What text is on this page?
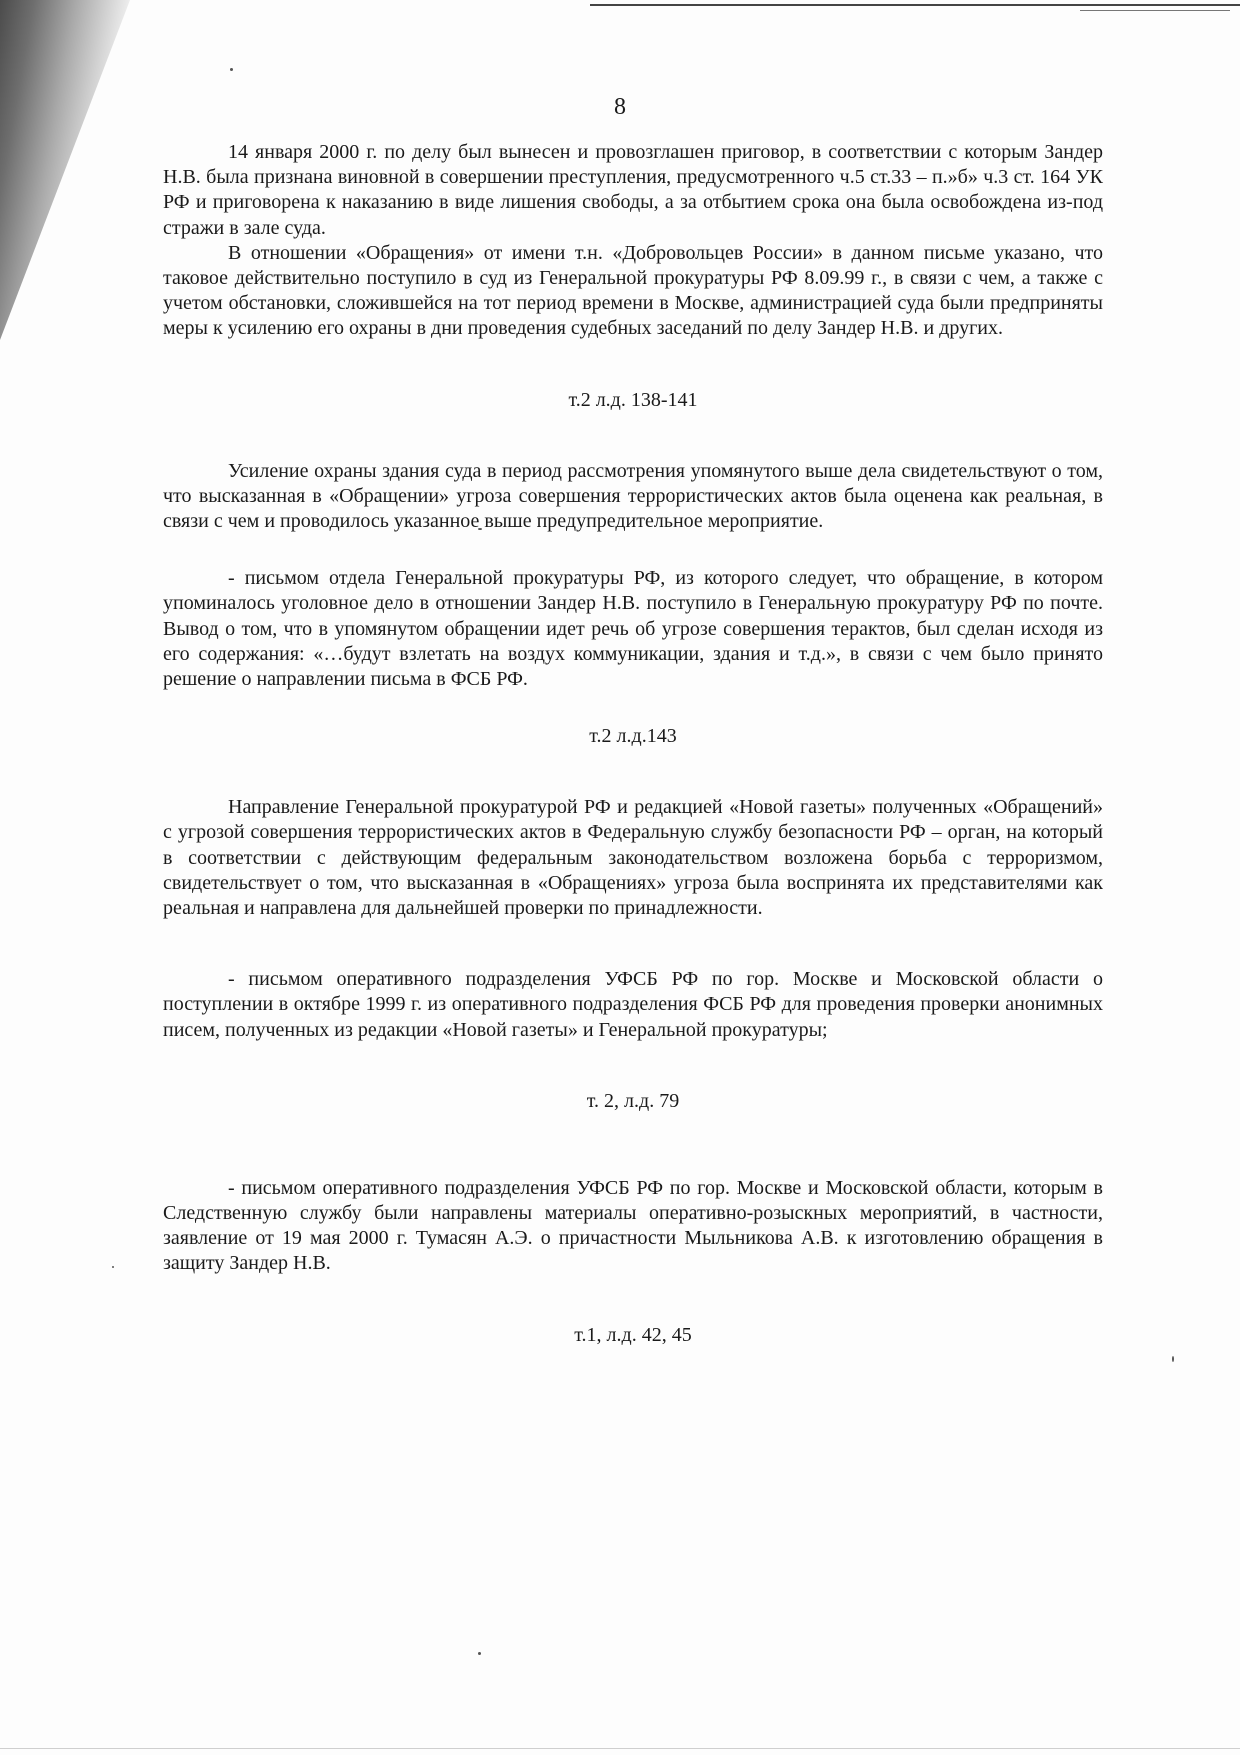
8

14 января 2000 г. по делу был вынесен и провозглашен приговор, в соответствии с которым Зандер Н.В. была признана виновной в совершении преступления, предусмотренного ч.5 ст.33 – п.»б» ч.3 ст. 164 УК РФ и приговорена к наказанию в виде лишения свободы, а за отбытием срока она была освобождена из-под стражи в зале суда.

В отношении «Обращения» от имени т.н. «Добровольцев России» в данном письме указано, что таковое действительно поступило в суд из Генеральной прокуратуры РФ 8.09.99 г., в связи с чем, а также с учетом обстановки, сложившейся на тот период времени в Москве, администрацией суда были предприняты меры к усилению его охраны в дни проведения судебных заседаний по делу Зандер Н.В. и других.

т.2 л.д. 138-141

Усиление охраны здания суда в период рассмотрения упомянутого выше дела свидетельствуют о том, что высказанная в «Обращении» угроза совершения террористических актов была оценена как реальная, в связи с чем и проводилось указанное выше предупредительное мероприятие.

- письмом отдела Генеральной прокуратуры РФ, из которого следует, что обращение, в котором упоминалось уголовное дело в отношении Зандер Н.В. поступило в Генеральную прокуратуру РФ по почте. Вывод о том, что в упомянутом обращении идет речь об угрозе совершения терактов, был сделан исходя из его содержания: «…будут взлетать на воздух коммуникации, здания и т.д.», в связи с чем было принято решение о направлении письма в ФСБ РФ.

т.2 л.д.143

Направление Генеральной прокуратурой РФ и редакцией «Новой газеты» полученных «Обращений» с угрозой совершения террористических актов в Федеральную службу безопасности РФ – орган, на который в соответствии с действующим федеральным законодательством возложена борьба с терроризмом, свидетельствует о том, что высказанная в «Обращениях» угроза была воспринята их представителями как реальная и направлена для дальнейшей проверки по принадлежности.

- письмом оперативного подразделения УФСБ РФ по гор. Москве и Московской области о поступлении в октябре 1999 г. из оперативного подразделения ФСБ РФ для проведения проверки анонимных писем, полученных из редакции «Новой газеты» и Генеральной прокуратуры;

т. 2, л.д. 79

- письмом оперативного подразделения УФСБ РФ по гор. Москве и Московской области, которым в Следственную службу были направлены материалы оперативно-розыскных мероприятий, в частности, заявление от 19 мая 2000 г. Тумасян А.Э. о причастности Мыльникова А.В. к изготовлению обращения в защиту Зандер Н.В.

т.1, л.д. 42, 45
